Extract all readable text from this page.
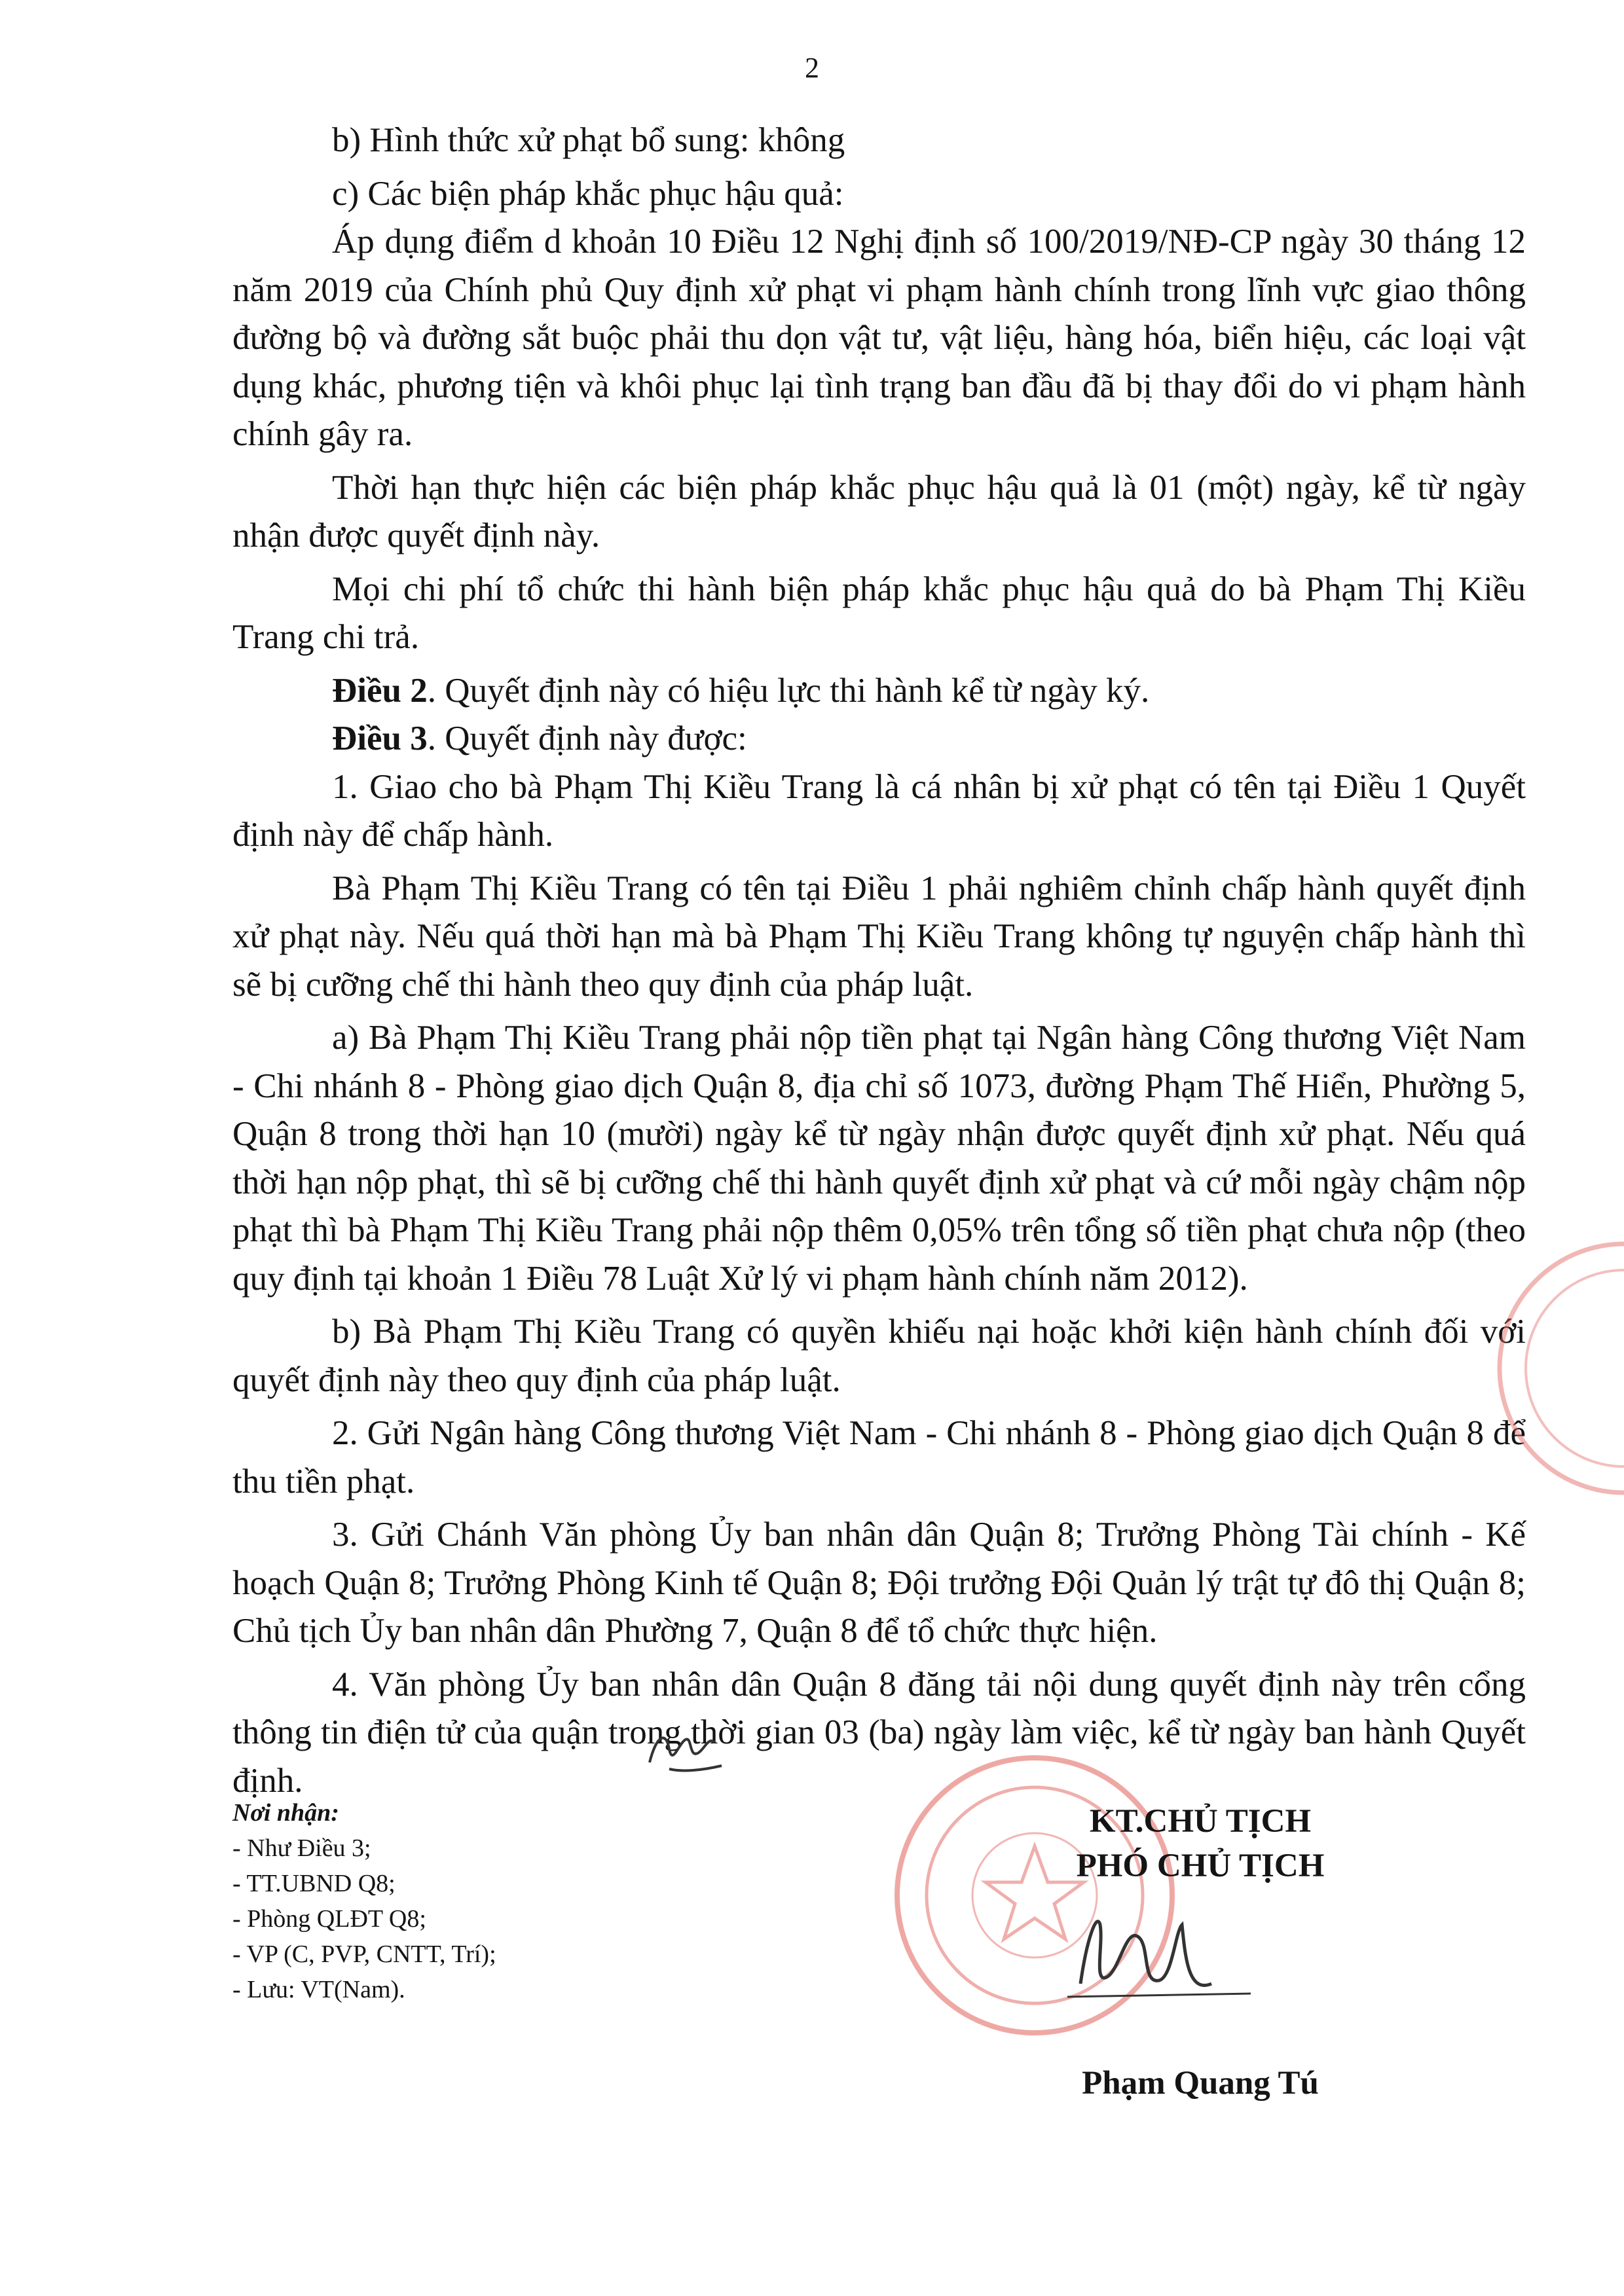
2

b) Hình thức xử phạt bổ sung: không

c) Các biện pháp khắc phục hậu quả:

Áp dụng điểm d khoản 10 Điều 12 Nghị định số 100/2019/NĐ-CP ngày 30 tháng 12 năm 2019 của Chính phủ Quy định xử phạt vi phạm hành chính trong lĩnh vực giao thông đường bộ và đường sắt buộc phải thu dọn vật tư, vật liệu, hàng hóa, biển hiệu, các loại vật dụng khác, phương tiện và khôi phục lại tình trạng ban đầu đã bị thay đổi do vi phạm hành chính gây ra.

Thời hạn thực hiện các biện pháp khắc phục hậu quả là 01 (một) ngày, kể từ ngày nhận được quyết định này.

Mọi chi phí tổ chức thi hành biện pháp khắc phục hậu quả do bà Phạm Thị Kiều Trang chi trả.

Điều 2. Quyết định này có hiệu lực thi hành kể từ ngày ký.

Điều 3. Quyết định này được:

1. Giao cho bà Phạm Thị Kiều Trang là cá nhân bị xử phạt có tên tại Điều 1 Quyết định này để chấp hành.

Bà Phạm Thị Kiều Trang có tên tại Điều 1 phải nghiêm chỉnh chấp hành quyết định xử phạt này. Nếu quá thời hạn mà bà Phạm Thị Kiều Trang không tự nguyện chấp hành thì sẽ bị cưỡng chế thi hành theo quy định của pháp luật.

a) Bà Phạm Thị Kiều Trang phải nộp tiền phạt tại Ngân hàng Công thương Việt Nam - Chi nhánh 8 - Phòng giao dịch Quận 8, địa chỉ số 1073, đường Phạm Thế Hiển, Phường 5, Quận 8 trong thời hạn 10 (mười) ngày kể từ ngày nhận được quyết định xử phạt. Nếu quá thời hạn nộp phạt, thì sẽ bị cưỡng chế thi hành quyết định xử phạt và cứ mỗi ngày chậm nộp phạt thì bà Phạm Thị Kiều Trang phải nộp thêm 0,05% trên tổng số tiền phạt chưa nộp (theo quy định tại khoản 1 Điều 78 Luật Xử lý vi phạm hành chính năm 2012).

b) Bà Phạm Thị Kiều Trang có quyền khiếu nại hoặc khởi kiện hành chính đối với quyết định này theo quy định của pháp luật.

2. Gửi Ngân hàng Công thương Việt Nam - Chi nhánh 8 - Phòng giao dịch Quận 8 để thu tiền phạt.

3. Gửi Chánh Văn phòng Ủy ban nhân dân Quận 8; Trưởng Phòng Tài chính - Kế hoạch Quận 8; Trưởng Phòng Kinh tế Quận 8; Đội trưởng Đội Quản lý trật tự đô thị Quận 8; Chủ tịch Ủy ban nhân dân Phường 7, Quận 8 để tổ chức thực hiện.

4. Văn phòng Ủy ban nhân dân Quận 8 đăng tải nội dung quyết định này trên cổng thông tin điện tử của quận trong thời gian 03 (ba) ngày làm việc, kể từ ngày ban hành Quyết định.

Nơi nhận:
- Như Điều 3;
- TT.UBND Q8;
- Phòng QLĐT Q8;
- VP (C, PVP, CNTT, Trí);
- Lưu: VT(Nam).
KT.CHỦ TỊCH
PHÓ CHỦ TỊCH
Phạm Quang Tú
